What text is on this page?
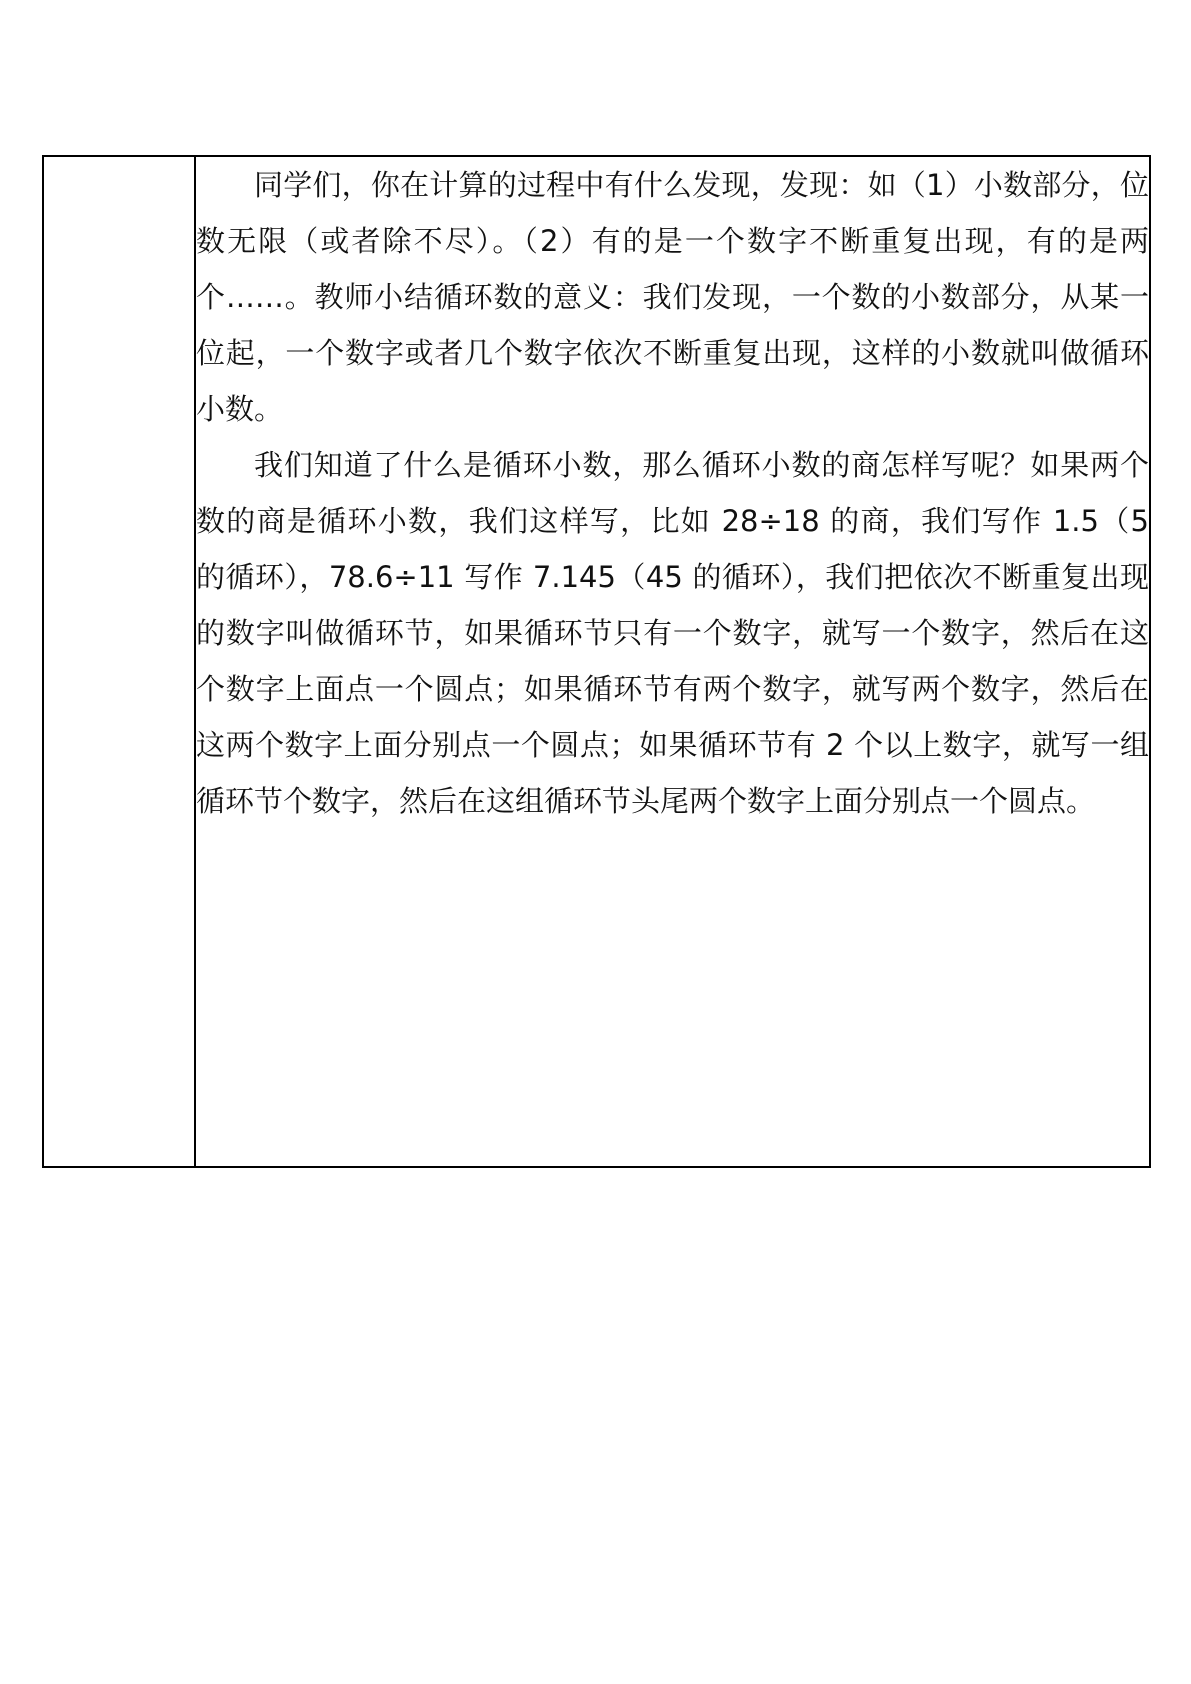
同学们，你在计算的过程中有什么发现，发现：如（1）小数部分，位数无限（或者除不尽）。（2）有的是一个数字不断重复出现，有的是两个……。教师小结循环数的意义：我们发现，一个数的小数部分，从某一位起，一个数字或者几个数字依次不断重复出现，这样的小数就叫做循环小数。

我们知道了什么是循环小数，那么循环小数的商怎样写呢？如果两个数的商是循环小数，我们这样写，比如 28÷18 的商，我们写作 1.5（5 的循环），78.6÷11 写作 7.145（45 的循环），我们把依次不断重复出现的数字叫做循环节，如果循环节只有一个数字，就写一个数字，然后在这个数字上面点一个圆点；如果循环节有两个数字，就写两个数字，然后在这两个数字上面分别点一个圆点；如果循环节有 2 个以上数字，就写一组循环节个数字，然后在这组循环节头尾两个数字上面分别点一个圆点。
